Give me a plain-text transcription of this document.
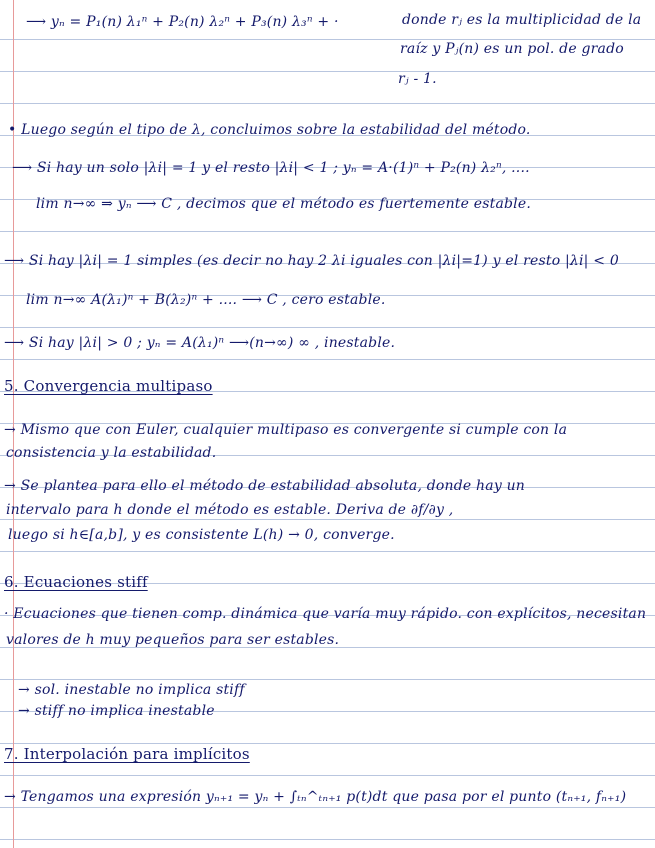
⟶ yₙ = P₁(n) λ₁ⁿ + P₂(n) λ₂ⁿ + P₃(n) λ₃ⁿ + ·	donde rⱼ es la multiplicidad de la
raíz y Pⱼ(n) es un pol. de grado
rⱼ - 1.
• Luego según el tipo de λ, concluimos sobre la estabilidad del método.
⟶ Si hay un solo |λi| = 1 y el resto |λi| < 1 ; yₙ = A·(1)ⁿ + P₂(n) λ₂ⁿ, ....
lim n→∞ ⇒ yₙ ⟶ C , decimos que el método es fuertemente estable.
⟶ Si hay |λi| = 1 simples (es decir no hay 2 λi iguales con |λi|=1) y el resto |λi| < 0
lim n→∞ A(λ₁)ⁿ + B(λ₂)ⁿ + .... ⟶ C , cero estable.
⟶ Si hay |λi| > 0 ; yₙ = A(λ₁)ⁿ ⟶(n→∞) ∞ , inestable.
5. Convergencia multipaso
→ Mismo que con Euler, cualquier multipaso es convergente si cumple con la
consistencia y la estabilidad.
→ Se plantea para ello el método de estabilidad absoluta, donde hay un
intervalo para h donde el método es estable. Deriva de ∂f/∂y ,
luego si h∈[a,b], y es consistente L(h) → 0, converge.
6. Ecuaciones stiff
· Ecuaciones que tienen comp. dinámica que varía muy rápido. con explícitos, necesitan
valores de h muy pequeños para ser estables.
→ sol. inestable no implica stiff
→ stiff no implica inestable
7. Interpolación para implícitos
→ Tengamos una expresión yₙ₊₁ = yₙ + ∫ₜₙ^ₜₙ₊₁ p(t)dt que pasa por el punto (tₙ₊₁, fₙ₊₁)
